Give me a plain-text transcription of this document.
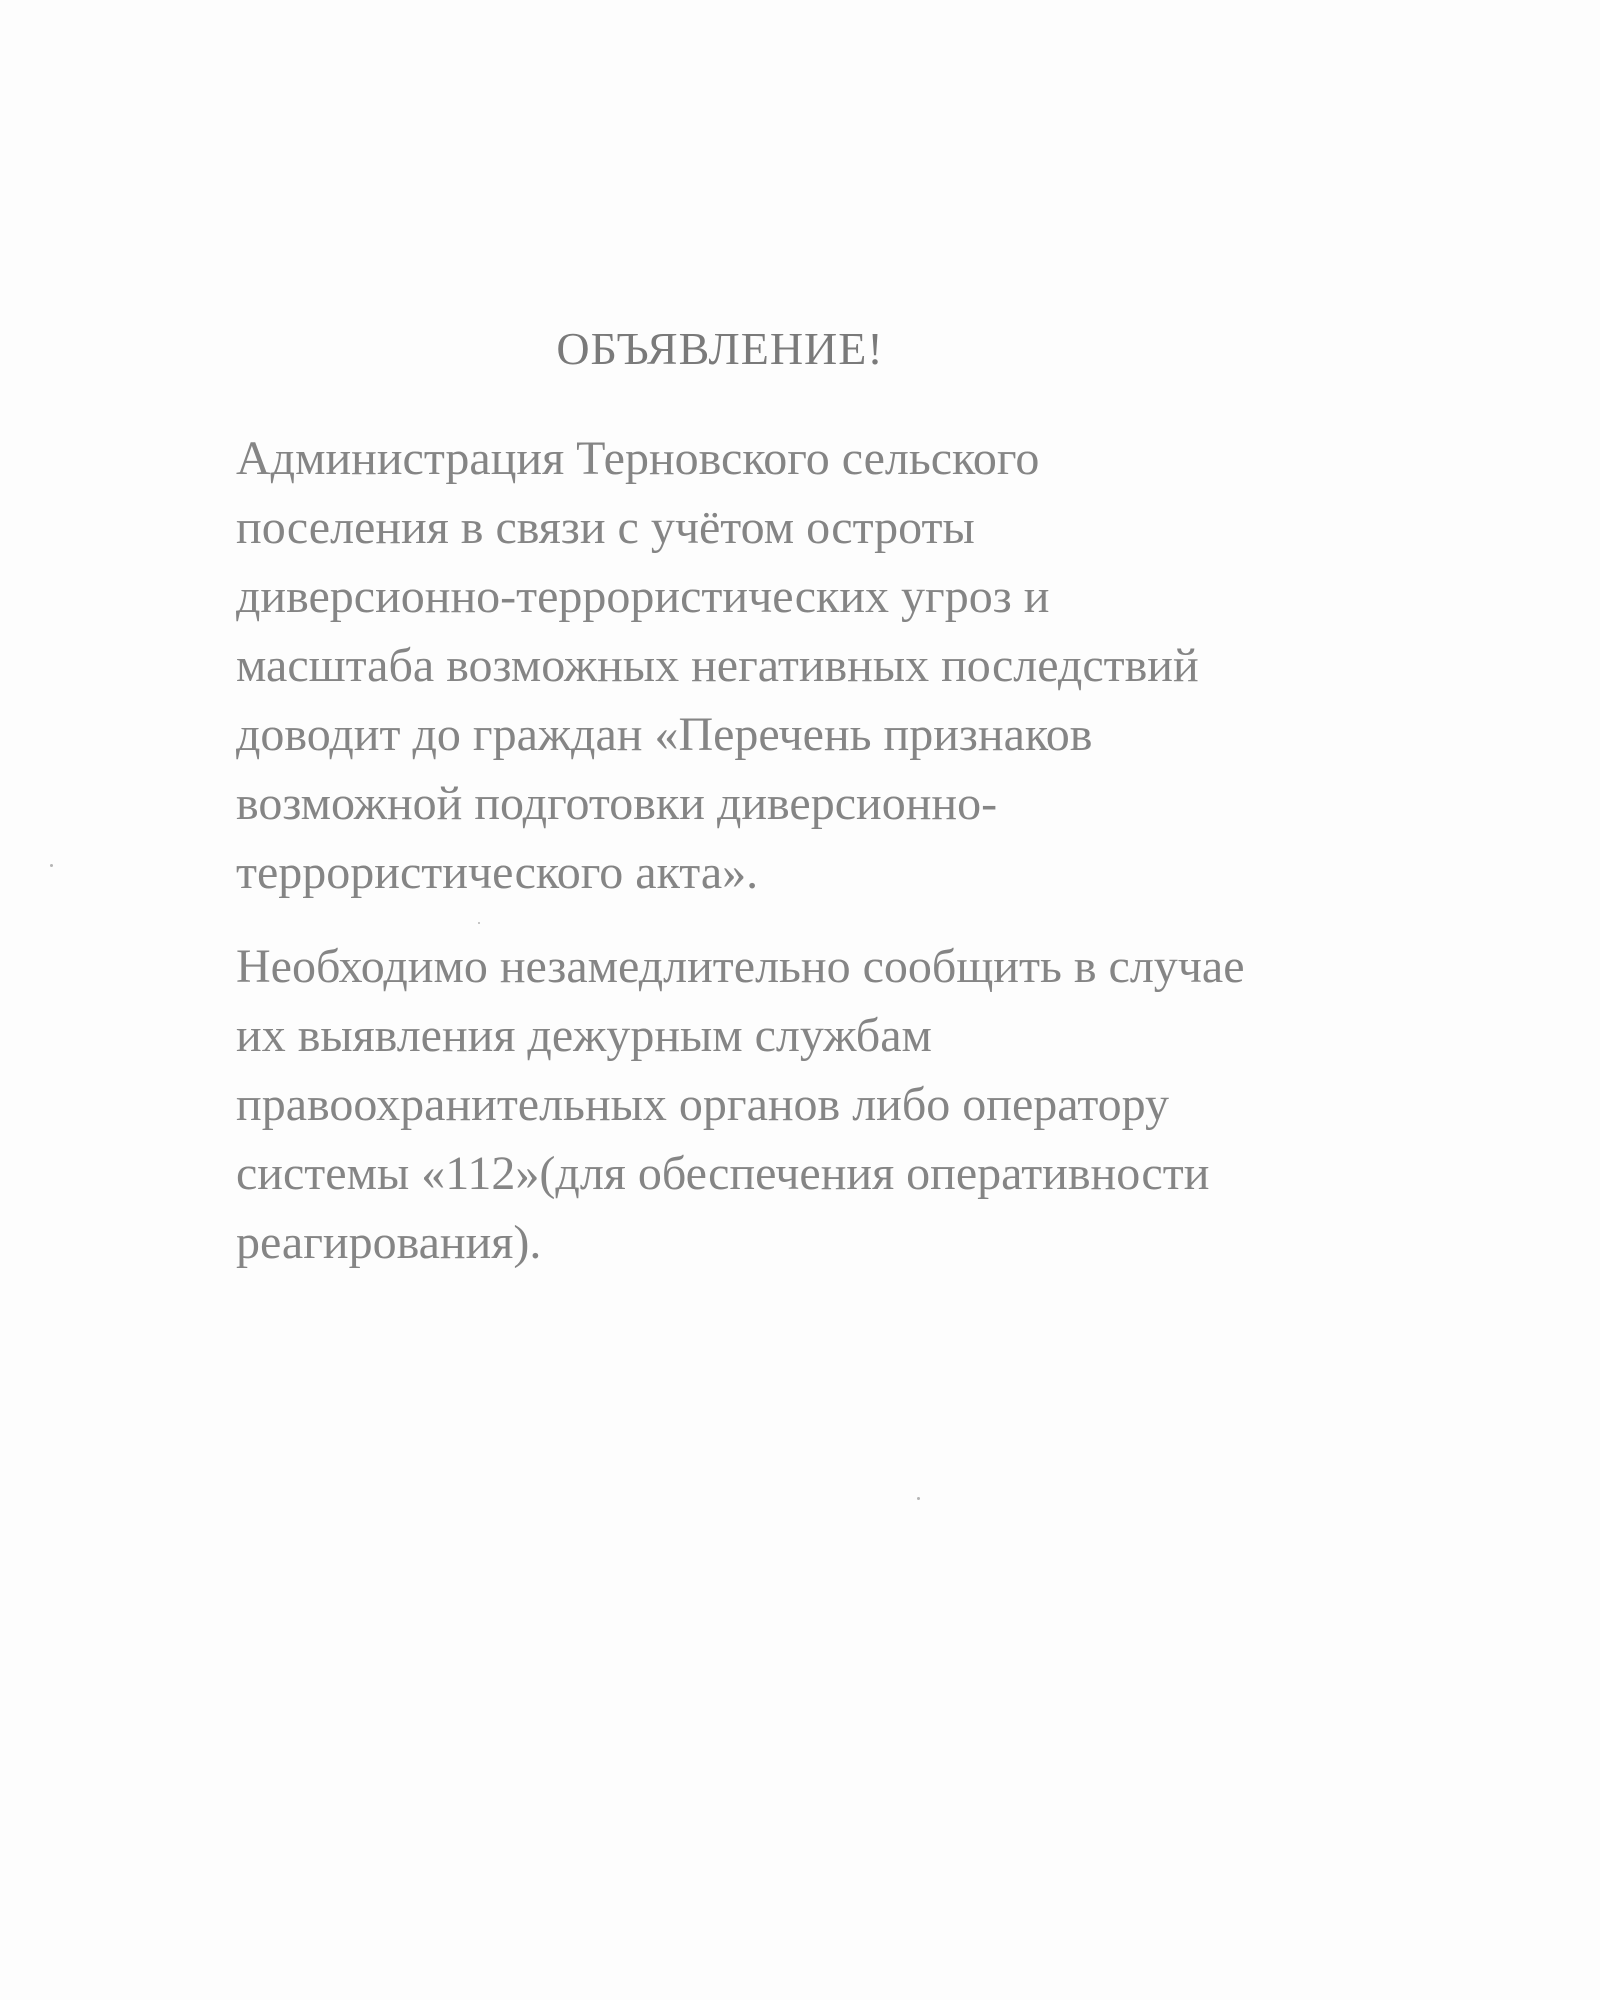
ОБЪЯВЛЕНИЕ!
Администрация Терновского сельского
поселения в связи с учётом остроты
диверсионно-террористических угроз и
масштаба возможных негативных последствий
доводит до граждан «Перечень признаков
возможной подготовки диверсионно-
террористического акта».
Необходимо незамедлительно сообщить в случае
их выявления дежурным службам
правоохранительных органов либо оператору
системы «112»(для обеспечения оперативности
реагирования).
